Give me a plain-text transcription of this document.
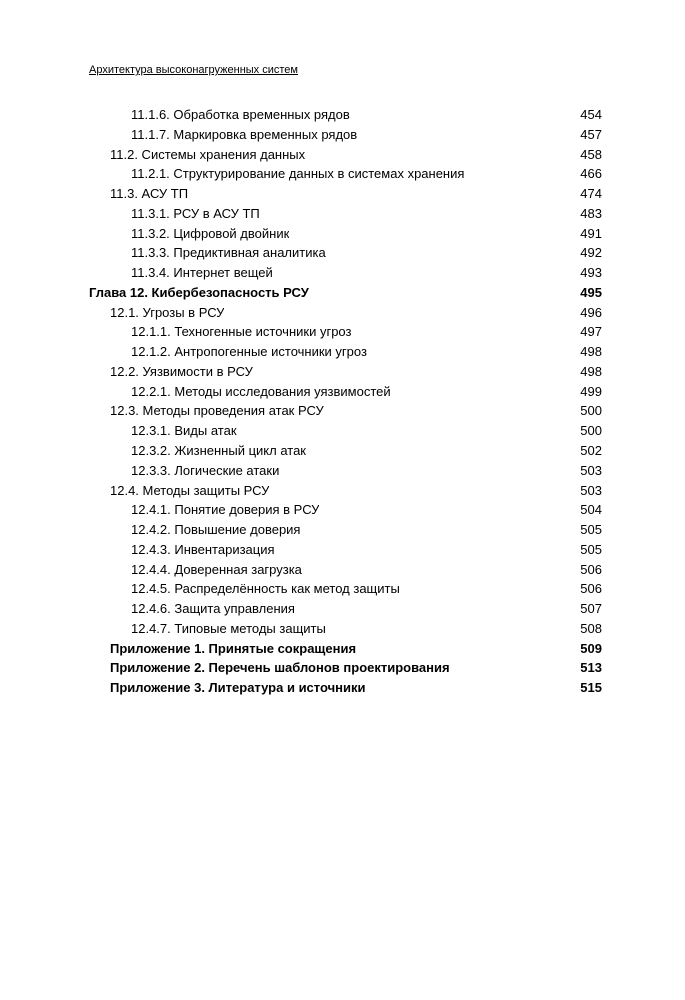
Архитектура высоконагруженных систем
11.1.6. Обработка временных рядов	454
11.1.7. Маркировка временных рядов	457
11.2. Системы хранения данных	458
11.2.1. Структурирование данных в системах хранения	466
11.3. АСУ ТП	474
11.3.1. РСУ в АСУ ТП	483
11.3.2. Цифровой двойник	491
11.3.3. Предиктивная аналитика	492
11.3.4. Интернет вещей	493
Глава 12. Кибербезопасность РСУ	495
12.1. Угрозы в РСУ	496
12.1.1. Техногенные источники угроз	497
12.1.2. Антропогенные источники угроз	498
12.2. Уязвимости в РСУ	498
12.2.1. Методы исследования уязвимостей	499
12.3. Методы проведения атак РСУ	500
12.3.1. Виды атак	500
12.3.2. Жизненный цикл атак	502
12.3.3. Логические атаки	503
12.4. Методы защиты РСУ	503
12.4.1. Понятие доверия в РСУ	504
12.4.2. Повышение доверия	505
12.4.3. Инвентаризация	505
12.4.4. Доверенная загрузка	506
12.4.5. Распределённость как метод защиты	506
12.4.6. Защита управления	507
12.4.7. Типовые методы защиты	508
Приложение 1. Принятые сокращения	509
Приложение 2. Перечень шаблонов проектирования	513
Приложение 3. Литература и источники	515
